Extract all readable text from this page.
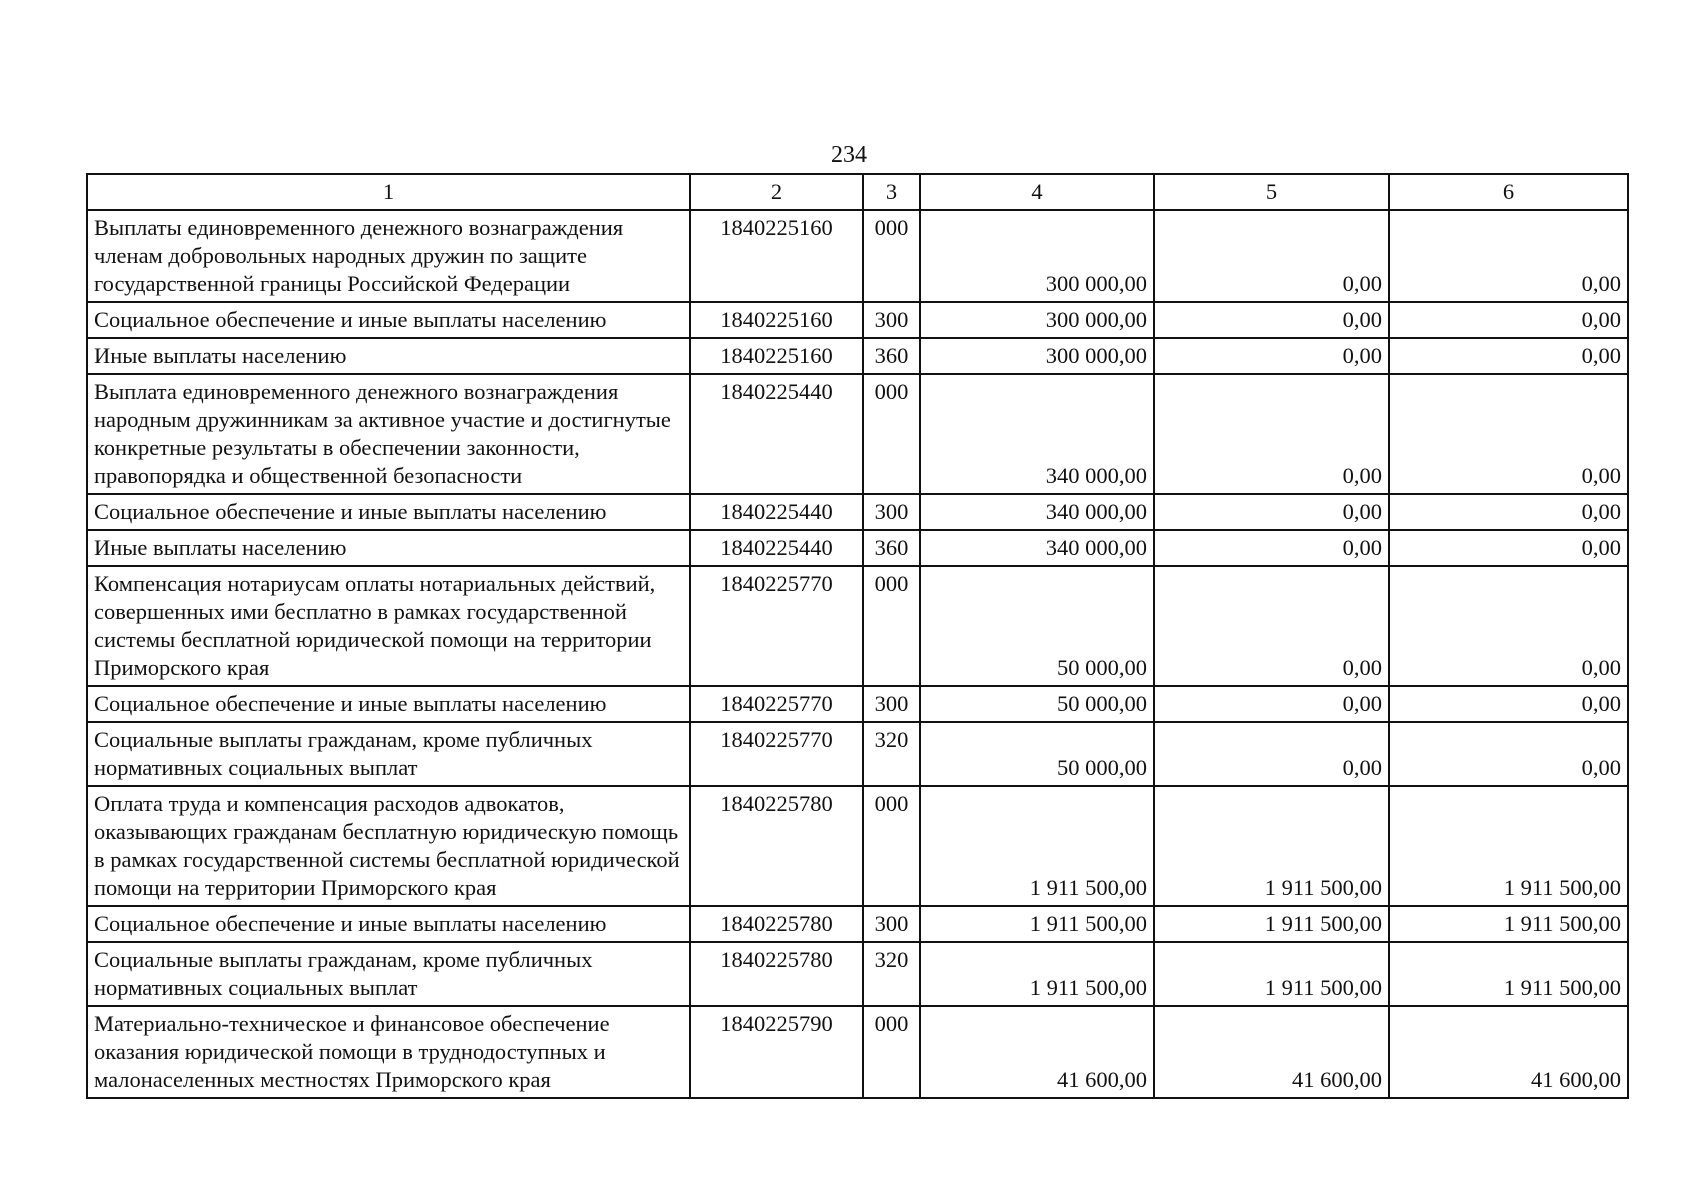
234
1	2	3	4	5	6
Выплаты единовременного денежного вознаграждения членам добровольных народных дружин по защите государственной границы Российской Федерации	1840225160	000	300 000,00	0,00	0,00
Социальное обеспечение и иные выплаты населению	1840225160	300	300 000,00	0,00	0,00
Иные выплаты населению	1840225160	360	300 000,00	0,00	0,00
Выплата единовременного денежного вознаграждения народным дружинникам за активное участие и достигнутые конкретные результаты в обеспечении законности, правопорядка и общественной безопасности	1840225440	000	340 000,00	0,00	0,00
Социальное обеспечение и иные выплаты населению	1840225440	300	340 000,00	0,00	0,00
Иные выплаты населению	1840225440	360	340 000,00	0,00	0,00
Компенсация нотариусам оплаты нотариальных действий, совершенных ими бесплатно в рамках государственной системы бесплатной юридической помощи на территории Приморского края	1840225770	000	50 000,00	0,00	0,00
Социальное обеспечение и иные выплаты населению	1840225770	300	50 000,00	0,00	0,00
Социальные выплаты гражданам, кроме публичных нормативных социальных выплат	1840225770	320	50 000,00	0,00	0,00
Оплата труда и компенсация расходов адвокатов, оказывающих гражданам бесплатную юридическую помощь в рамках государственной системы бесплатной юридической помощи на территории Приморского края	1840225780	000	1 911 500,00	1 911 500,00	1 911 500,00
Социальное обеспечение и иные выплаты населению	1840225780	300	1 911 500,00	1 911 500,00	1 911 500,00
Социальные выплаты гражданам, кроме публичных нормативных социальных выплат	1840225780	320	1 911 500,00	1 911 500,00	1 911 500,00
Материально-техническое и финансовое обеспечение оказания юридической помощи в труднодоступных и малонаселенных местностях Приморского края	1840225790	000	41 600,00	41 600,00	41 600,00
